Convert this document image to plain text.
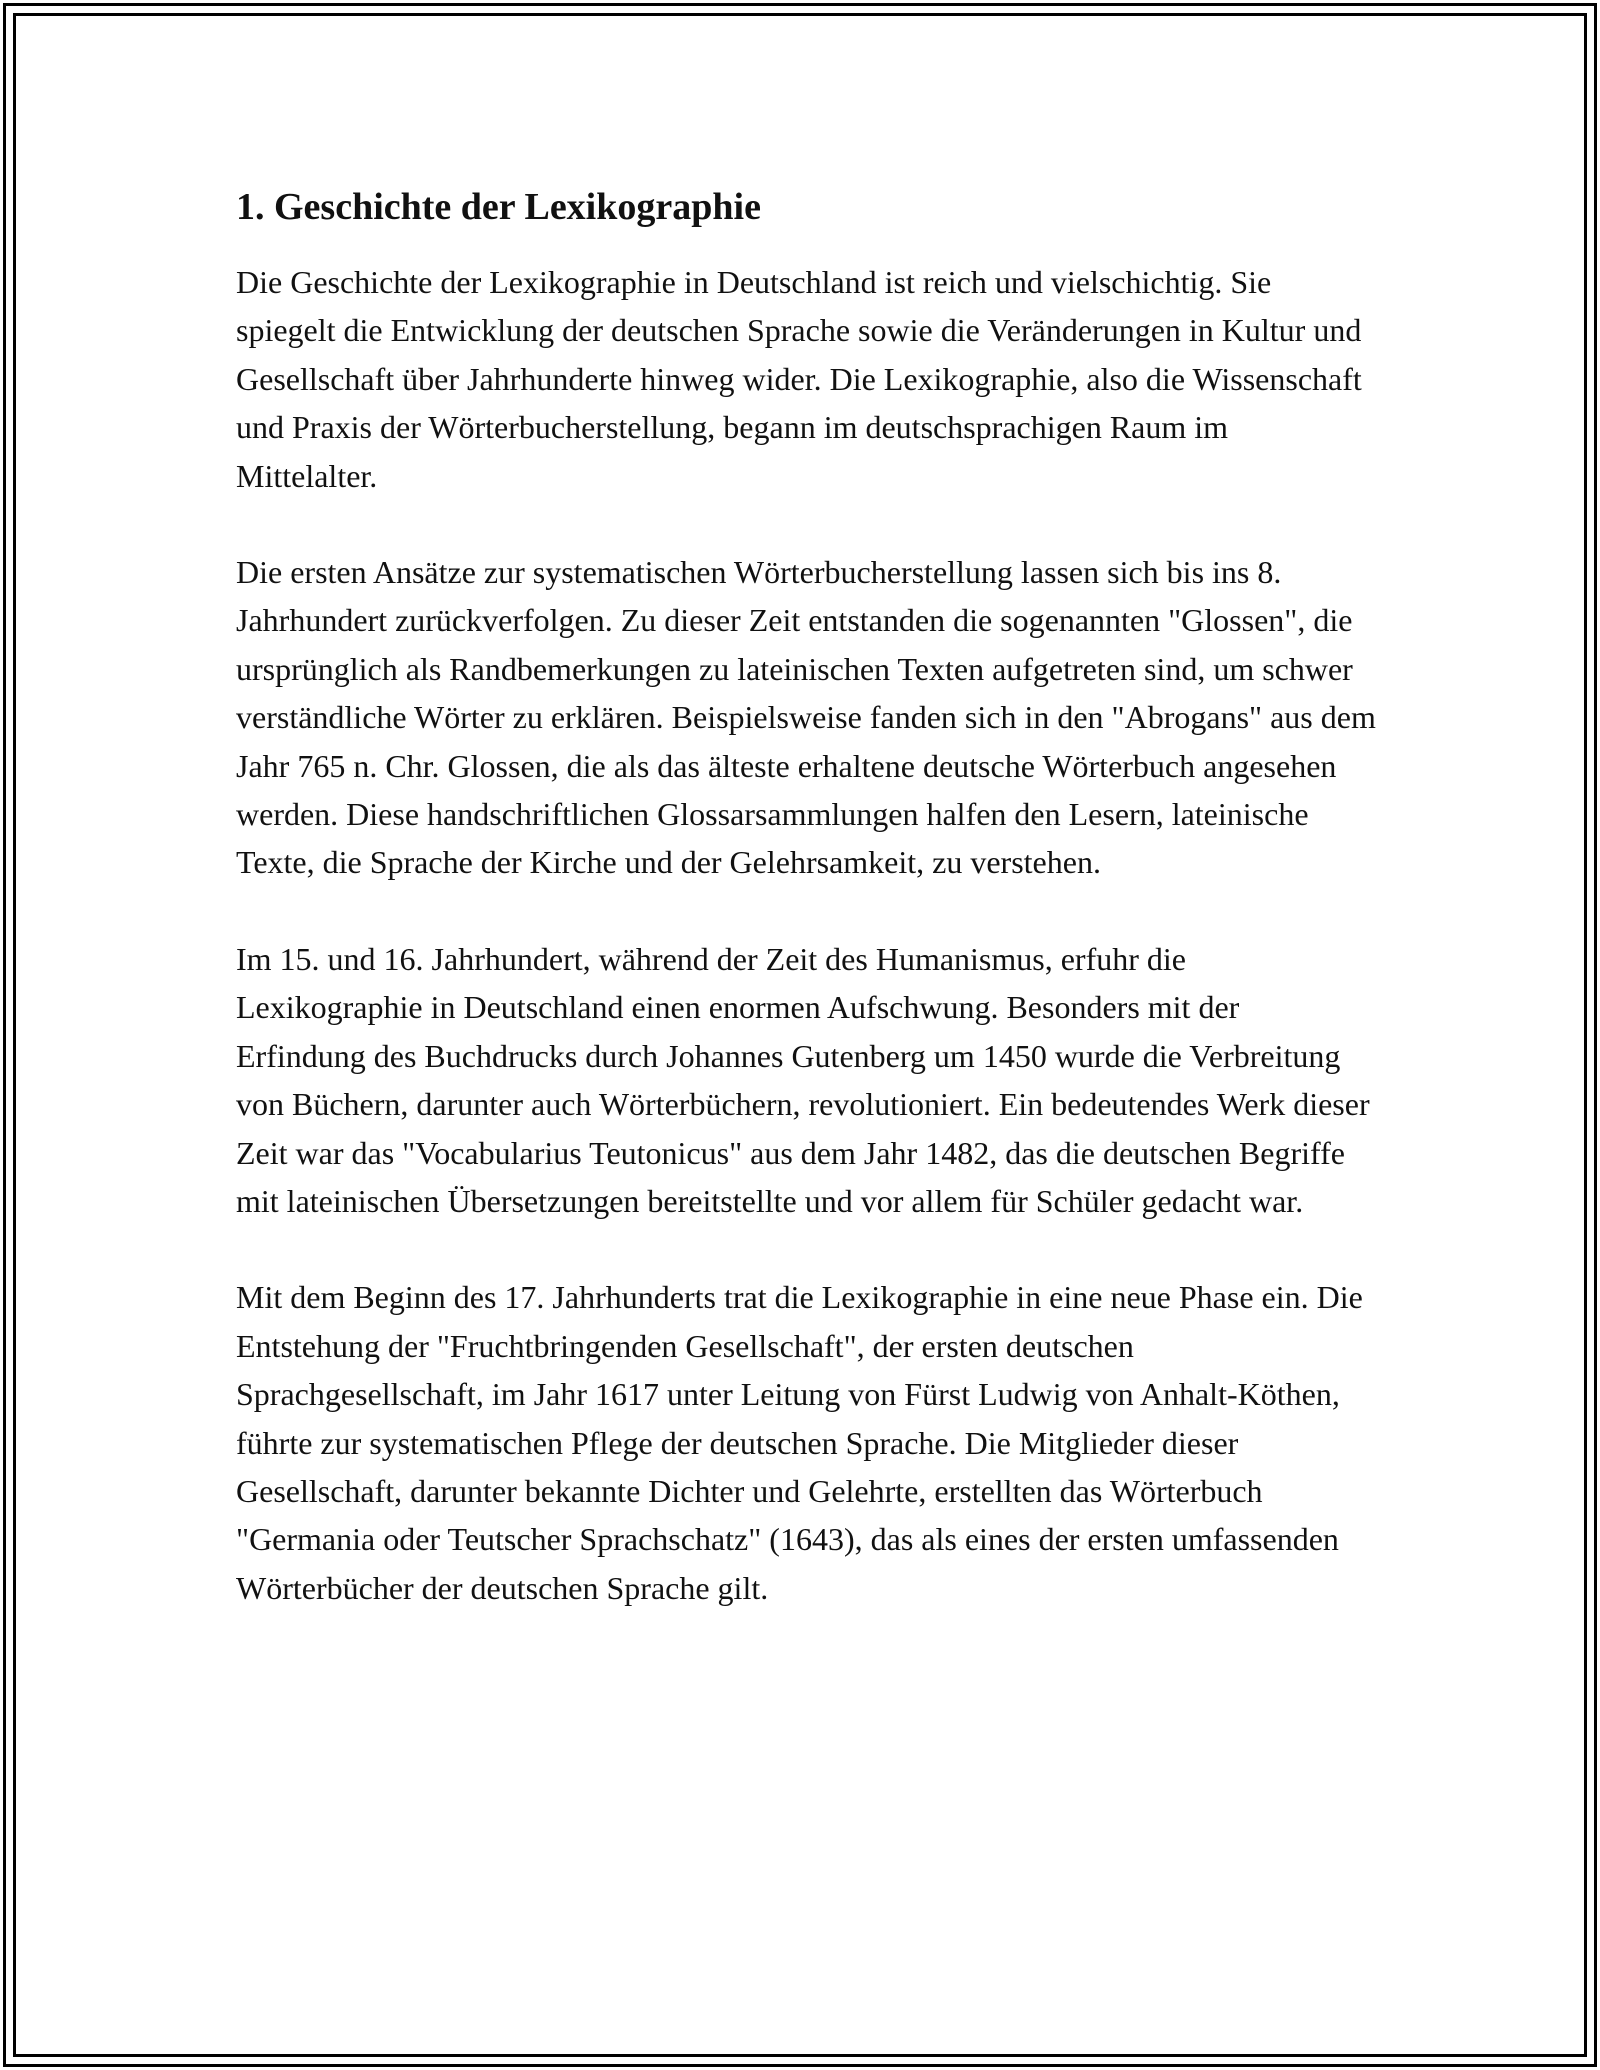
1. Geschichte der Lexikographie

Die Geschichte der Lexikographie in Deutschland ist reich und vielschichtig. Sie spiegelt die Entwicklung der deutschen Sprache sowie die Veränderungen in Kultur und Gesellschaft über Jahrhunderte hinweg wider. Die Lexikographie, also die Wissenschaft und Praxis der Wörterbucherstellung, begann im deutschsprachigen Raum im Mittelalter.

Die ersten Ansätze zur systematischen Wörterbucherstellung lassen sich bis ins 8. Jahrhundert zurückverfolgen. Zu dieser Zeit entstanden die sogenannten "Glossen", die ursprünglich als Randbemerkungen zu lateinischen Texten aufgetreten sind, um schwer verständliche Wörter zu erklären. Beispielsweise fanden sich in den "Abrogans" aus dem Jahr 765 n. Chr. Glossen, die als das älteste erhaltene deutsche Wörterbuch angesehen werden. Diese handschriftlichen Glossarsammlungen halfen den Lesern, lateinische Texte, die Sprache der Kirche und der Gelehrsamkeit, zu verstehen.

Im 15. und 16. Jahrhundert, während der Zeit des Humanismus, erfuhr die Lexikographie in Deutschland einen enormen Aufschwung. Besonders mit der Erfindung des Buchdrucks durch Johannes Gutenberg um 1450 wurde die Verbreitung von Büchern, darunter auch Wörterbüchern, revolutioniert. Ein bedeutendes Werk dieser Zeit war das "Vocabularius Teutonicus" aus dem Jahr 1482, das die deutschen Begriffe mit lateinischen Übersetzungen bereitstellte und vor allem für Schüler gedacht war.

Mit dem Beginn des 17. Jahrhunderts trat die Lexikographie in eine neue Phase ein. Die Entstehung der "Fruchtbringenden Gesellschaft", der ersten deutschen Sprachgesellschaft, im Jahr 1617 unter Leitung von Fürst Ludwig von Anhalt-Köthen, führte zur systematischen Pflege der deutschen Sprache. Die Mitglieder dieser Gesellschaft, darunter bekannte Dichter und Gelehrte, erstellten das Wörterbuch "Germania oder Teutscher Sprachschatz" (1643), das als eines der ersten umfassenden Wörterbücher der deutschen Sprache gilt.
